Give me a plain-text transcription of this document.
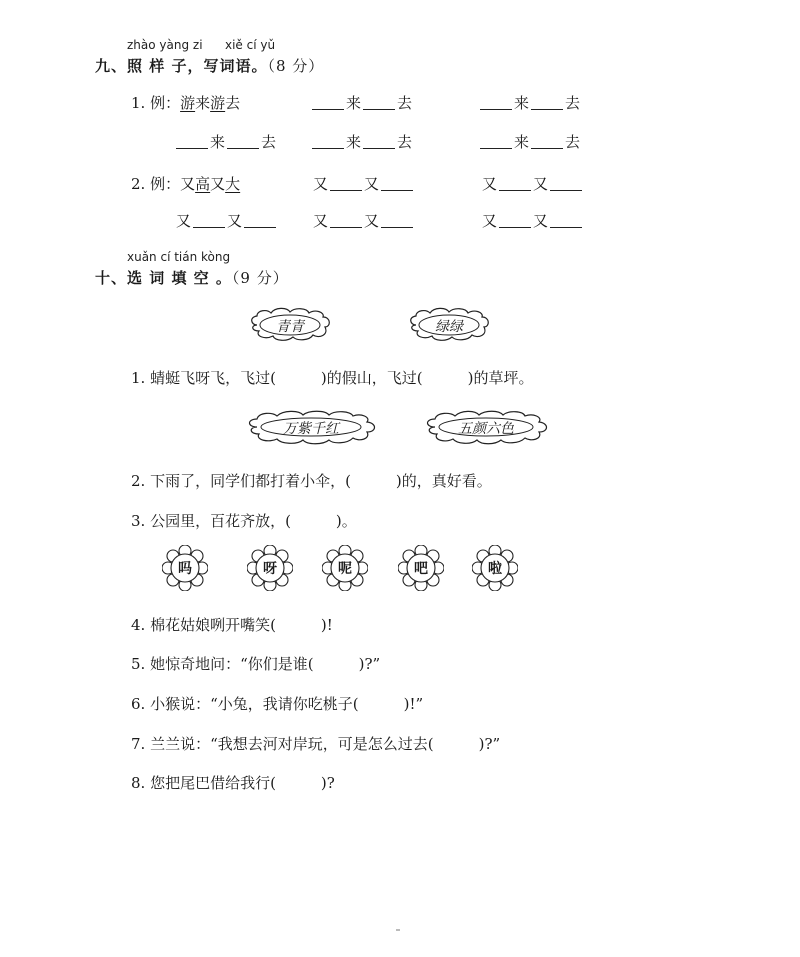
zhào yàng zi xiě cí yǔ
九、照 样 子，写词语。（8 分）
1. 例：游来游去	来 去	来 去
来 去	来 去	来 去
2. 例：又高又大	又 又	又 又
又 又	又 又	又 又
xuǎn cí tián kòng
十、选 词 填 空 。（9 分）
青青	绿绿
1. 蜻蜓飞呀飞，飞过(　　　)的假山，飞过(　　　)的草坪。
万紫千红	五颜六色
2. 下雨了，同学们都打着小伞，(　　　)的，真好看。
3. 公园里，百花齐放，(　　　)。
吗	呀	呢	吧	啦
4. 棉花姑娘咧开嘴笑(　　　)!
5. 她惊奇地问：“你们是谁(　　　)?”
6. 小猴说：“小兔，我请你吃桃子(　　　)!”
7. 兰兰说：“我想去河对岸玩，可是怎么过去(　　　)?”
8. 您把尾巴借给我行(　　　)?
